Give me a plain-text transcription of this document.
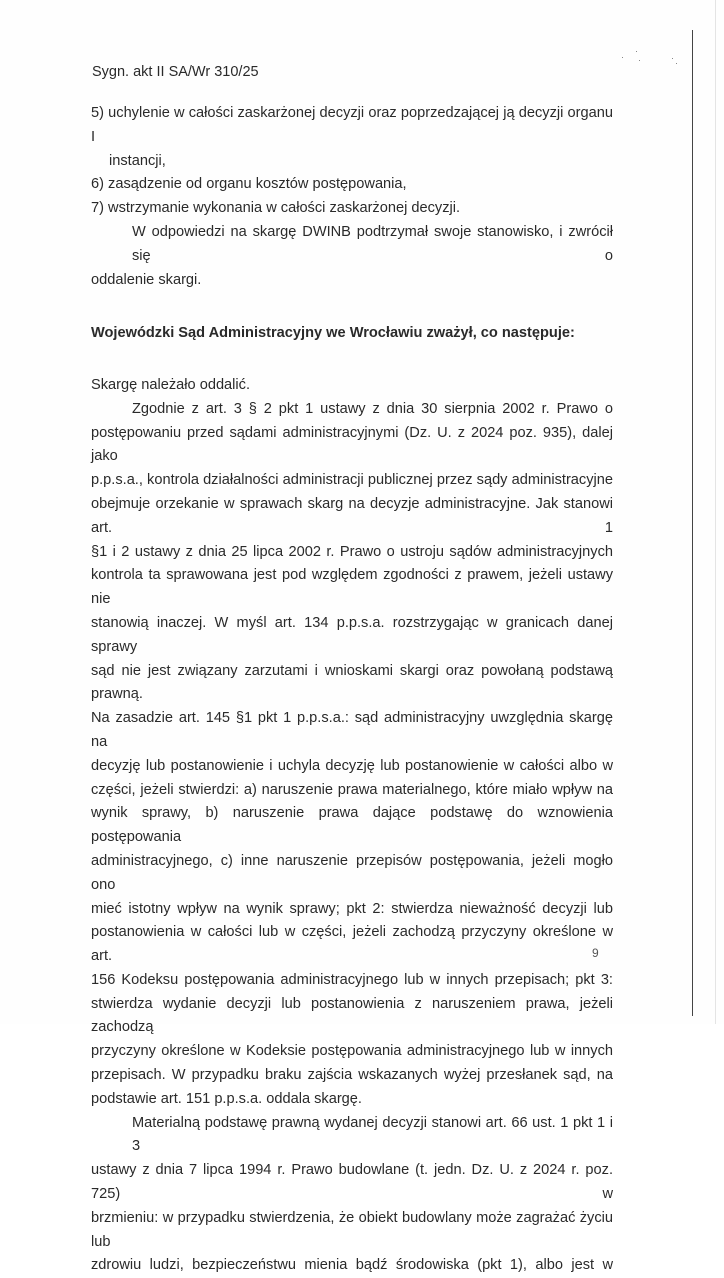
Sygn. akt II SA/Wr 310/25
5) uchylenie w całości zaskarżonej decyzji oraz poprzedzającej ją decyzji organu I
instancji,
6) zasądzenie od organu kosztów postępowania,
7) wstrzymanie wykonania w całości zaskarżonej decyzji.
W odpowiedzi na skargę DWINB podtrzymał swoje stanowisko, i zwrócił się o
oddalenie skargi.
Wojewódzki Sąd Administracyjny we Wrocławiu zważył, co następuje:
Skargę należało oddalić.
Zgodnie z art. 3 § 2 pkt 1 ustawy z dnia 30 sierpnia 2002 r. Prawo o
postępowaniu przed sądami administracyjnymi (Dz. U. z 2024 poz. 935), dalej jako
p.p.s.a., kontrola działalności administracji publicznej przez sądy administracyjne
obejmuje orzekanie w sprawach skarg na decyzje administracyjne. Jak stanowi art. 1
§1 i 2 ustawy z dnia 25 lipca 2002 r. Prawo o ustroju sądów administracyjnych
kontrola ta sprawowana jest pod względem zgodności z prawem, jeżeli ustawy nie
stanowią inaczej. W myśl art. 134 p.p.s.a. rozstrzygając w granicach danej sprawy
sąd nie jest związany zarzutami i wnioskami skargi oraz powołaną podstawą prawną.
Na zasadzie art. 145 §1 pkt 1 p.p.s.a.: sąd administracyjny uwzględnia skargę na
decyzję lub postanowienie i uchyla decyzję lub postanowienie w całości albo w
części, jeżeli stwierdzi: a) naruszenie prawa materialnego, które miało wpływ na
wynik sprawy, b) naruszenie prawa dające podstawę do wznowienia postępowania
administracyjnego, c) inne naruszenie przepisów postępowania, jeżeli mogło ono
mieć istotny wpływ na wynik sprawy; pkt 2: stwierdza nieważność decyzji lub
postanowienia w całości lub w części, jeżeli zachodzą przyczyny określone w art.
156 Kodeksu postępowania administracyjnego lub w innych przepisach; pkt 3:
stwierdza wydanie decyzji lub postanowienia z naruszeniem prawa, jeżeli zachodzą
przyczyny określone w Kodeksie postępowania administracyjnego lub w innych
przepisach. W przypadku braku zajścia wskazanych wyżej przesłanek sąd, na
podstawie art. 151 p.p.s.a. oddala skargę.
Materialną podstawę prawną wydanej decyzji stanowi art. 66 ust. 1 pkt 1 i 3
ustawy z dnia 7 lipca 1994 r. Prawo budowlane (t. jedn. Dz. U. z 2024 r. poz. 725) w
brzmieniu: w przypadku stwierdzenia, że obiekt budowlany może zagrażać życiu lub
zdrowiu ludzi, bezpieczeństwu mienia bądź środowiska (pkt 1), albo jest w
9
